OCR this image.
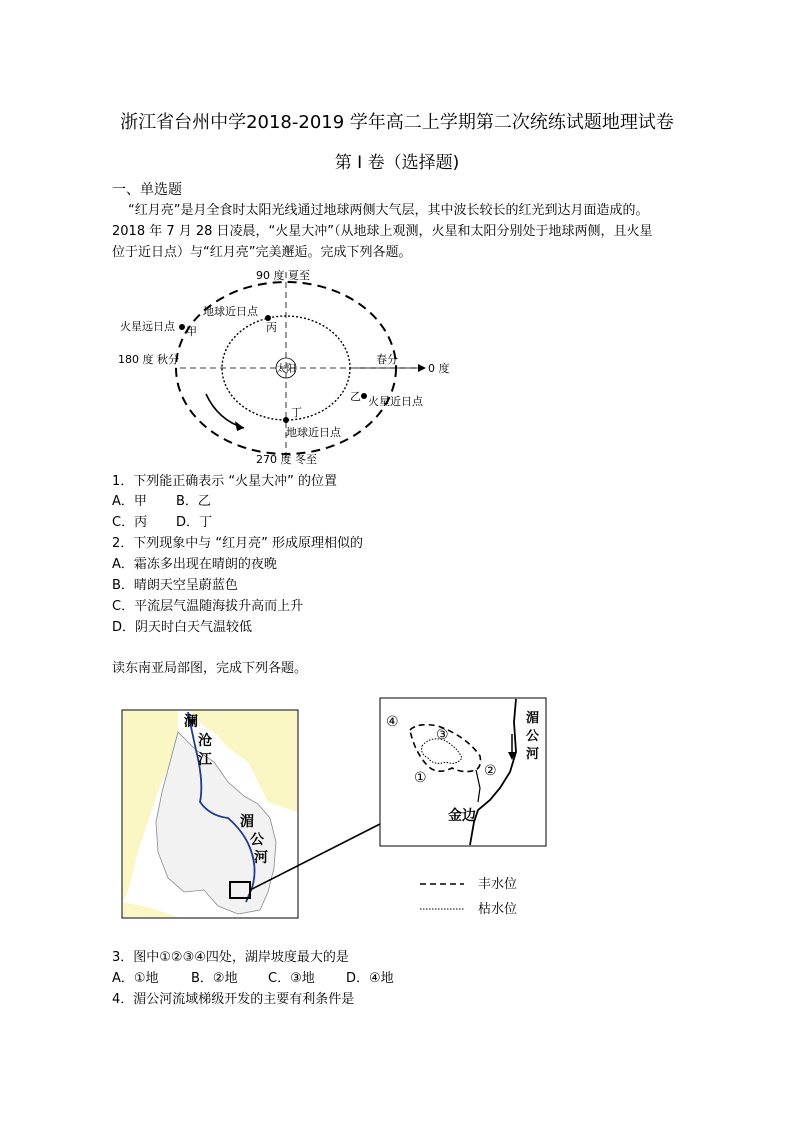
浙江省台州中学2018-2019 学年高二上学期第二次统练试题地理试卷
第 I 卷（选择题)
一、单选题
“红月亮”是月全食时太阳光线通过地球两侧大气层，其中波长较长的红光到达月面造成的。
2018 年 7 月 28 日凌晨，“火星大冲”（从地球上观测，火星和太阳分别处于地球两侧，且火星
位于近日点）与“红月亮”完美邂逅。完成下列各题。
太阳
90 度 夏至
270 度 冬至
180 度 秋分	春分
0 度
火星远日点 甲
地球近日点
丙
乙 火星近日点
丁
地球近日点
1．下列能正确表示 “火星大冲” 的位置
A．甲 B．乙
C．丙 D．丁
2．下列现象中与 “红月亮” 形成原理相似的
A．霜冻多出现在晴朗的夜晚
B．晴朗天空呈蔚蓝色
C．平流层气温随海拔升高而上升
D．阴天时白天气温较低
读东南亚局部图，完成下列各题。
澜
沧
江
湄
公
河
④
③
①	②
金边
湄
公
河
丰水位
枯水位
3．图中①②③④四处，湖岸坡度最大的是
A．①地 B．②地 C．③地 D．④地
4．湄公河流域梯级开发的主要有利条件是
